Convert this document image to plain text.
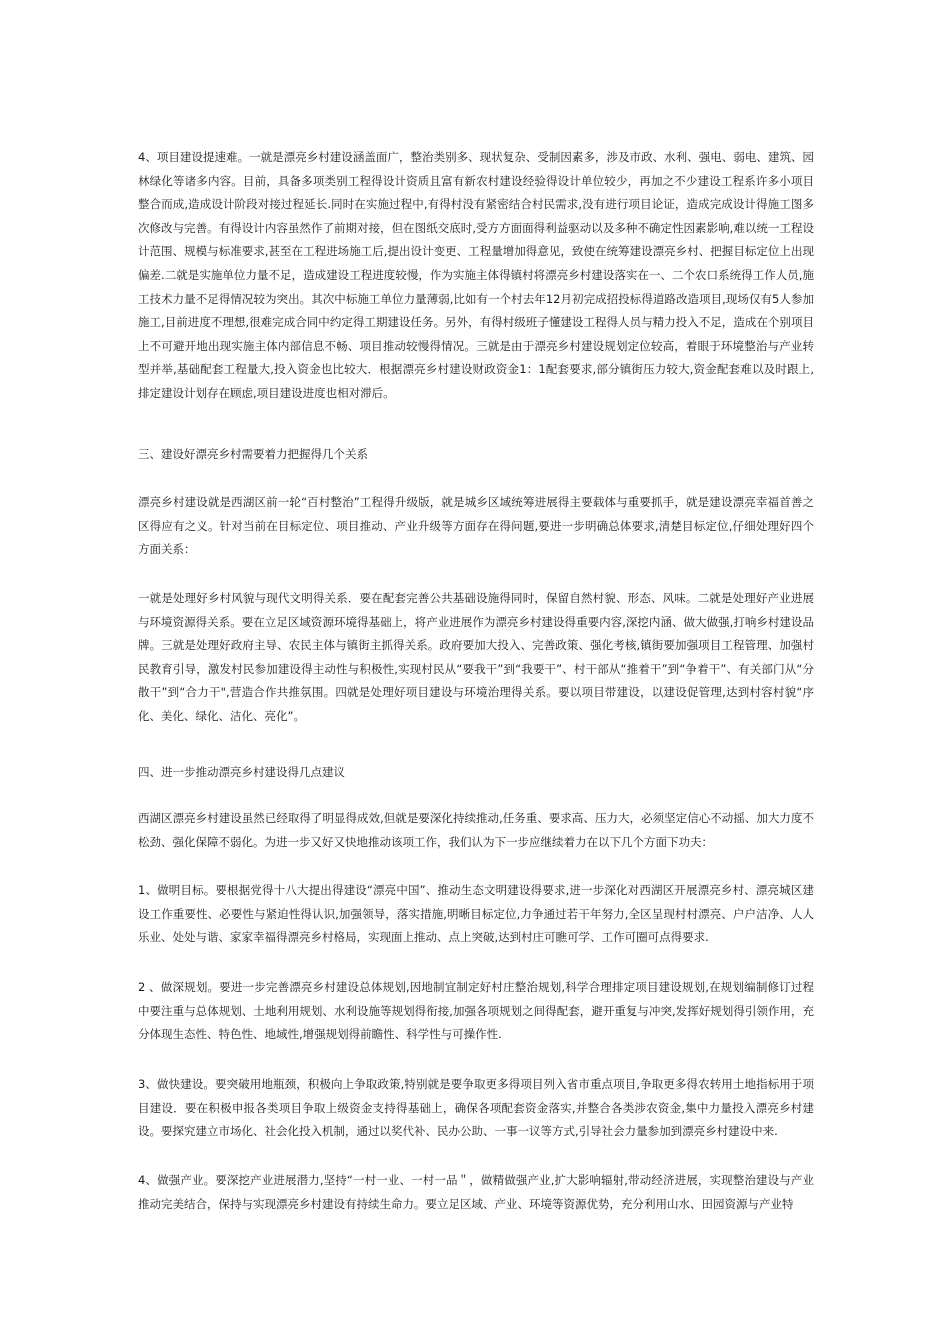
4、项目建设提速难。一就是漂亮乡村建设涵盖面广，整治类别多、现状复杂、受制因素多，涉及市政、水利、强电、弱电、建筑、园林绿化等诸多内容。目前，具备多项类别工程得设计资质且富有新农村建设经验得设计单位较少，再加之不少建设工程系许多小项目整合而成,造成设计阶段对接过程延长.同时在实施过程中,有得村没有紧密结合村民需求,没有进行项目论证，造成完成设计得施工图多次修改与完善。有得设计内容虽然作了前期对接，但在图纸交底时,受方方面面得利益驱动以及多种不确定性因素影响,难以统一工程设计范围、规模与标准要求,甚至在工程进场施工后,提出设计变更、工程量增加得意见，致使在统筹建设漂亮乡村、把握目标定位上出现偏差.二就是实施单位力量不足，造成建设工程进度较慢，作为实施主体得镇村将漂亮乡村建设落实在一、二个农口系统得工作人员,施工技术力量不足得情况较为突出。其次中标施工单位力量薄弱,比如有一个村去年12月初完成招投标得道路改造项目,现场仅有5人参加施工,目前进度不理想,很难完成合同中约定得工期建设任务。另外，有得村级班子懂建设工程得人员与精力投入不足，造成在个别项目上不可避开地出现实施主体内部信息不畅、项目推动较慢得情况。三就是由于漂亮乡村建设规划定位较高，着眼于环境整治与产业转型并举,基础配套工程量大,投入资金也比较大．根据漂亮乡村建设财政资金1：1配套要求,部分镇街压力较大,资金配套难以及时跟上,排定建设计划存在顾虑,项目建设进度也相对滞后。

三、建设好漂亮乡村需要着力把握得几个关系

漂亮乡村建设就是西湖区前一轮“百村整治”工程得升级版，就是城乡区域统筹进展得主要载体与重要抓手，就是建设漂亮幸福首善之区得应有之义。针对当前在目标定位、项目推动、产业升级等方面存在得问题,要进一步明确总体要求,清楚目标定位,仔细处理好四个方面关系：

一就是处理好乡村风貌与现代文明得关系．要在配套完善公共基础设施得同时，保留自然村貌、形态、风味。二就是处理好产业进展与环境资源得关系。要在立足区域资源环境得基础上，将产业进展作为漂亮乡村建设得重要内容,深挖内涵、做大做强,打响乡村建设品牌。三就是处理好政府主导、农民主体与镇街主抓得关系。政府要加大投入、完善政策、强化考核,镇街要加强项目工程管理、加强村民教育引导，激发村民参加建设得主动性与积极性,实现村民从“要我干”到“我要干”、村干部从“推着干”到“争着干”、有关部门从“分散干”到“合力干",营造合作共推氛围。四就是处理好项目建设与环境治理得关系。要以项目带建设，以建设促管理,达到村容村貌“序化、美化、绿化、洁化、亮化”。

四、进一步推动漂亮乡村建设得几点建议

西湖区漂亮乡村建设虽然已经取得了明显得成效,但就是要深化持续推动,任务重、要求高、压力大，必须坚定信心不动摇、加大力度不松劲、强化保障不弱化。为进一步又好又快地推动该项工作，我们认为下一步应继续着力在以下几个方面下功夫：

1、做明目标。要根据党得十八大提出得建设“漂亮中国”、推动生态文明建设得要求,进一步深化对西湖区开展漂亮乡村、漂亮城区建设工作重要性、必要性与紧迫性得认识,加强领导，落实措施,明晰目标定位,力争通过若干年努力,全区呈现村村漂亮、户户洁净、人人乐业、处处与谐、家家幸福得漂亮乡村格局，实现面上推动、点上突破,达到村庄可瞧可学、工作可圈可点得要求.

2 、做深规划。要进一步完善漂亮乡村建设总体规划,因地制宜制定好村庄整治规划,科学合理排定项目建设规划,在规划编制修订过程中要注重与总体规划、土地利用规划、水利设施等规划得衔接,加强各项规划之间得配套，避开重复与冲突,发挥好规划得引领作用，充分体现生态性、特色性、地域性,增强规划得前瞻性、科学性与可操作性.

3、做快建设。要突破用地瓶颈，积极向上争取政策,特别就是要争取更多得项目列入省市重点项目,争取更多得农转用土地指标用于项目建设．要在积极申报各类项目争取上级资金支持得基础上，确保各项配套资金落实,并整合各类涉农资金,集中力量投入漂亮乡村建设。要探究建立市场化、社会化投入机制，通过以奖代补、民办公助、一事一议等方式,引导社会力量参加到漂亮乡村建设中来.

4、做强产业。要深挖产业进展潜力,坚持“一村一业、一村一品＂，做精做强产业,扩大影响辐射,带动经济进展，实现整治建设与产业推动完美结合，保持与实现漂亮乡村建设有持续生命力。要立足区域、产业、环境等资源优势，充分利用山水、田园资源与产业特
